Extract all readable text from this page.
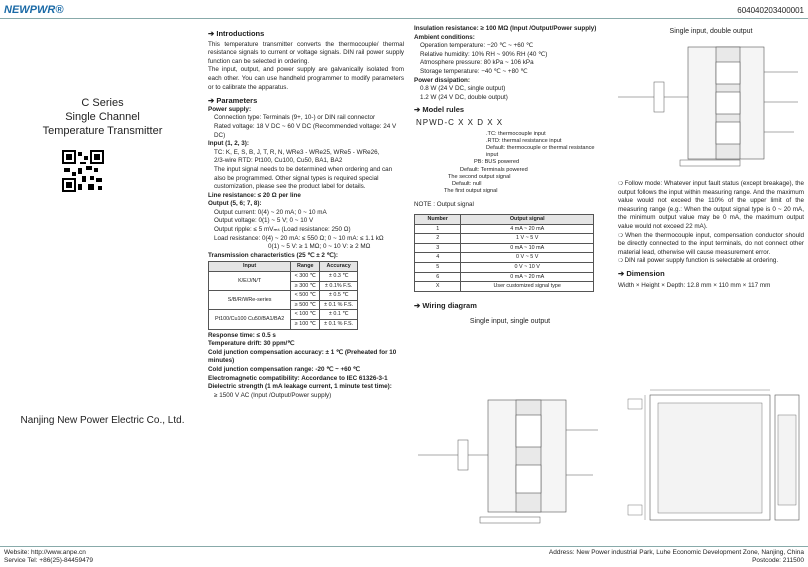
NEWPWR®	604040203400001
C Series
Single Channel
Temperature Transmitter
Nanjing New Power Electric Co., Ltd.
➔ Introductions
This temperature transmitter converts the thermocouple/ thermal resistance signals to current or voltage signals. DIN rail power supply function can be selected in ordering.
The input, output, and power supply are galvanically isolated from each other. You can use handheld programmer to modify parameters or to calibrate the apparatus.
➔ Parameters
Power supply:
Connection type: Terminals (9+, 10-) or DIN rail connector
Rated voltage: 18 V DC ~ 60 V DC (Recommended voltage: 24 V DC)
Input (1, 2, 3):
TC: K, E, S, B, J, T, R, N, WRe3 - WRe25, WRe5 - WRe26,
2/3-wire RTD: Pt100, Cu100, Cu50, BA1, BA2
The input signal needs to be determined when ordering and can also be programmed. Other signal types is required special customization, please see the product label for details.
Line resistance: ≤ 20 Ω per line
Output (5, 6; 7, 8):
Output current: 0(4) ~ 20 mA; 0 ~ 10 mA
Output voltage: 0(1) ~ 5 V; 0 ~ 10 V
Output ripple: ≤ 5 mVₘₛ (Load resistance: 250 Ω)
Load resistance: 0(4) ~ 20 mA: ≤ 550 Ω; 0 ~ 10 mA: ≤ 1.1 kΩ
0(1) ~ 5 V: ≥ 1 MΩ; 0 ~ 10 V: ≥ 2 MΩ
Transmission characteristics (25 ℃ ± 2 ℃):
Input	Range	Accuracy
K/E/J/N/T	< 300 ℃	± 0.3 ℃
	≥ 300 ℃	± 0.1% F.S.
S/B/R/WRe-series	< 500 ℃	± 0.5 ℃
	≥ 500 ℃	± 0.1 % F.S.
Pt100/Cu100 Cu50/BA1/BA2	< 100 ℃	± 0.1 ℃
	≥ 100 ℃	± 0.1 % F.S.
Response time: ≤ 0.5 s
Temperature drift: 30 ppm/℃
Cold junction compensation accuracy: ± 1 ℃ (Preheated for 10 minutes)
Cold junction compensation range: -20 ℃ ~ +60 ℃
Electromagnetic compatibility: Accordance to IEC 61326-3-1
Dielectric strength (1 mA leakage current, 1 minute test time):
≥ 1500 V AC (Input /Output/Power supply)
Insulation resistance: ≥ 100 MΩ (Input /Output/Power supply)
Ambient conditions:
Operation temperature: −20 ℃ ~ +60 ℃
Relative humidity: 10% RH ~ 90% RH (40 ℃)
Atmosphere pressure: 80 kPa ~ 106 kPa
Storage temperature: −40 ℃ ~ +80 ℃
Power dissipation:
0.8 W (24 V DC, single output)
1.2 W (24 V DC, double output)
➔ Model rules
NPWD-C X X D X X
.TC: thermocouple input
.RTD: thermal resistance input
Default: thermocouple or thermal resistance input
PB: BUS powered
Default: Terminals powered
The second output signal
Default: null
The first output signal
NOTE : Output signal
Number	Output signal
1	4 mA ~ 20 mA
2	1 V ~ 5 V
3	0 mA ~ 10 mA
4	0 V ~ 5 V
5	0 V ~ 10 V
6	0 mA ~ 20 mA
X	User customized signal type
➔ Wiring diagram
Single input, single output
Single input, double output
❍ Follow mode: Whatever input fault status (except breakage), the output follows the input within measuring range. And the maximum value would not exceed the 110% of the upper limit of the measuring range (e.g.: When the output signal type is 0 ~ 20 mA, the minimum output value may be 0 mA, the maximum output value would not exceed 22 mA).
❍ When the thermocouple input, compensation conductor should be directly connected to the input terminals, do not connect other material lead, otherwise will cause measurement error.
❍ DIN rail power supply function is selectable at ordering.
➔ Dimension
Width × Height × Depth: 12.8 mm × 110 mm × 117 mm
Website: http://www.anpe.cn
Service Tel: +86(25)-84459479
Address: New Power industrial Park, Luhe Economic Development Zone, Nanjing, China
Postcode: 211500
